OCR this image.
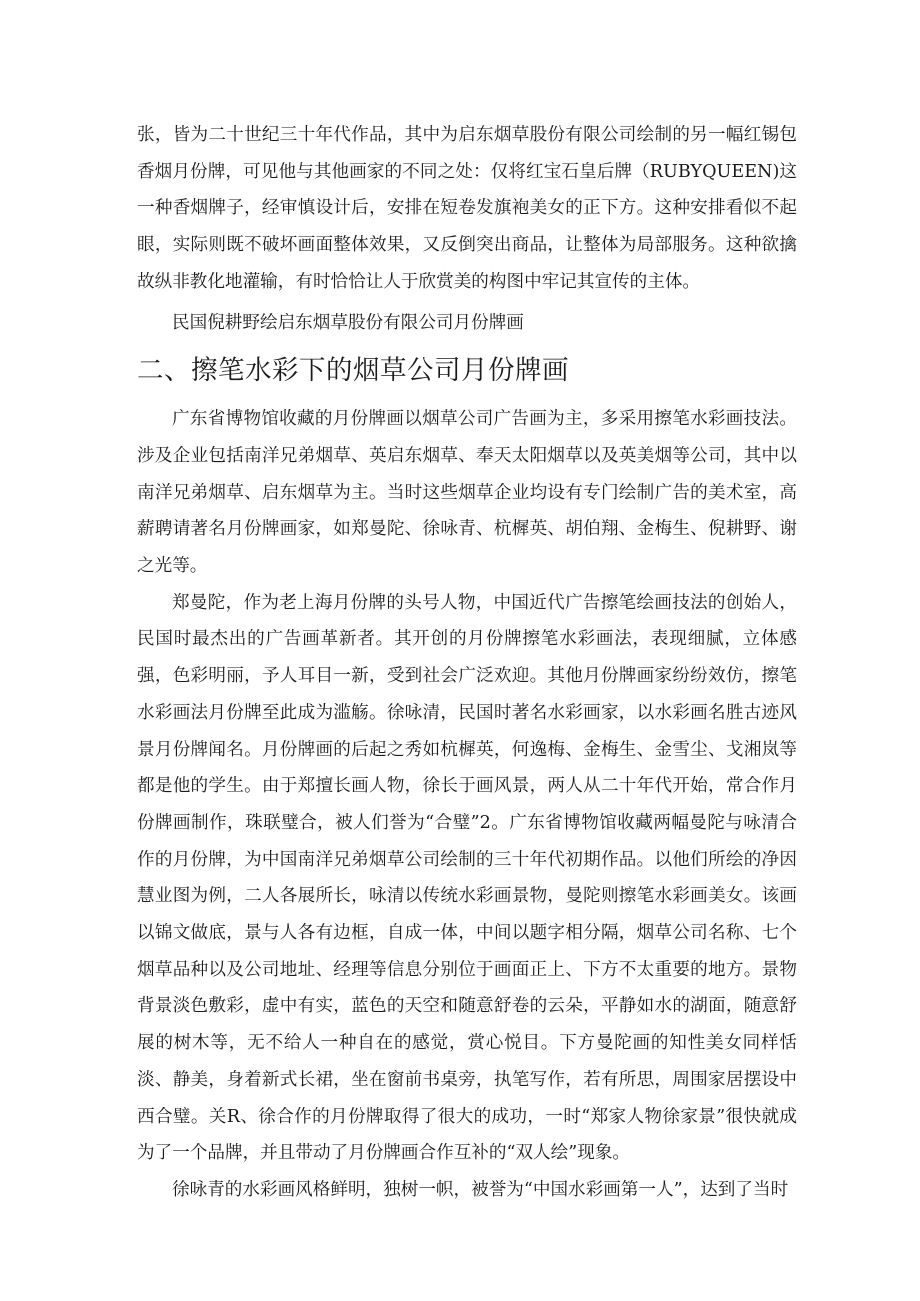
张，皆为二十世纪三十年代作品，其中为启东烟草股份有限公司绘制的另一幅红锡包香烟月份牌，可见他与其他画家的不同之处：仅将红宝石皇后牌（RUBYQUEEN)这一种香烟牌子，经审慎设计后，安排在短卷发旗袍美女的正下方。这种安排看似不起眼，实际则既不破坏画面整体效果，又反倒突出商品，让整体为局部服务。这种欲擒故纵非教化地灌输，有时恰恰让人于欣赏美的构图中牢记其宣传的主体。

民国倪耕野绘启东烟草股份有限公司月份牌画

二、擦笔水彩下的烟草公司月份牌画

广东省博物馆收藏的月份牌画以烟草公司广告画为主，多采用擦笔水彩画技法。涉及企业包括南洋兄弟烟草、英启东烟草、奉天太阳烟草以及英美烟等公司，其中以南洋兄弟烟草、启东烟草为主。当时这些烟草企业均设有专门绘制广告的美术室，高薪聘请著名月份牌画家，如郑曼陀、徐咏青、杭樨英、胡伯翔、金梅生、倪耕野、谢之光等。

郑曼陀，作为老上海月份牌的头号人物，中国近代广告擦笔绘画技法的创始人，民国时最杰出的广告画革新者。其开创的月份牌擦笔水彩画法，表现细腻，立体感强，色彩明丽，予人耳目一新，受到社会广泛欢迎。其他月份牌画家纷纷效仿，擦笔水彩画法月份牌至此成为滥觞。徐咏清，民国时著名水彩画家，以水彩画名胜古迹风景月份牌闻名。月份牌画的后起之秀如杭樨英，何逸梅、金梅生、金雪尘、戈湘岚等都是他的学生。由于郑擅长画人物，徐长于画风景，两人从二十年代开始，常合作月份牌画制作，珠联璧合，被人们誉为“合璧”2。广东省博物馆收藏两幅曼陀与咏清合作的月份牌，为中国南洋兄弟烟草公司绘制的三十年代初期作品。以他们所绘的净因慧业图为例，二人各展所长，咏清以传统水彩画景物，曼陀则擦笔水彩画美女。该画以锦文做底，景与人各有边框，自成一体，中间以题字相分隔，烟草公司名称、七个烟草品种以及公司地址、经理等信息分别位于画面正上、下方不太重要的地方。景物背景淡色敷彩，虚中有实，蓝色的天空和随意舒卷的云朵，平静如水的湖面，随意舒展的树木等，无不给人一种自在的感觉，赏心悦目。下方曼陀画的知性美女同样恬淡、静美，身着新式长裙，坐在窗前书桌旁，执笔写作，若有所思，周围家居摆设中西合璧。关R、徐合作的月份牌取得了很大的成功，一时“郑家人物徐家景”很快就成为了一个品牌，并且带动了月份牌画合作互补的“双人绘”现象。

徐咏青的水彩画风格鲜明，独树一帜，被誉为“中国水彩画第一人”，达到了当时
